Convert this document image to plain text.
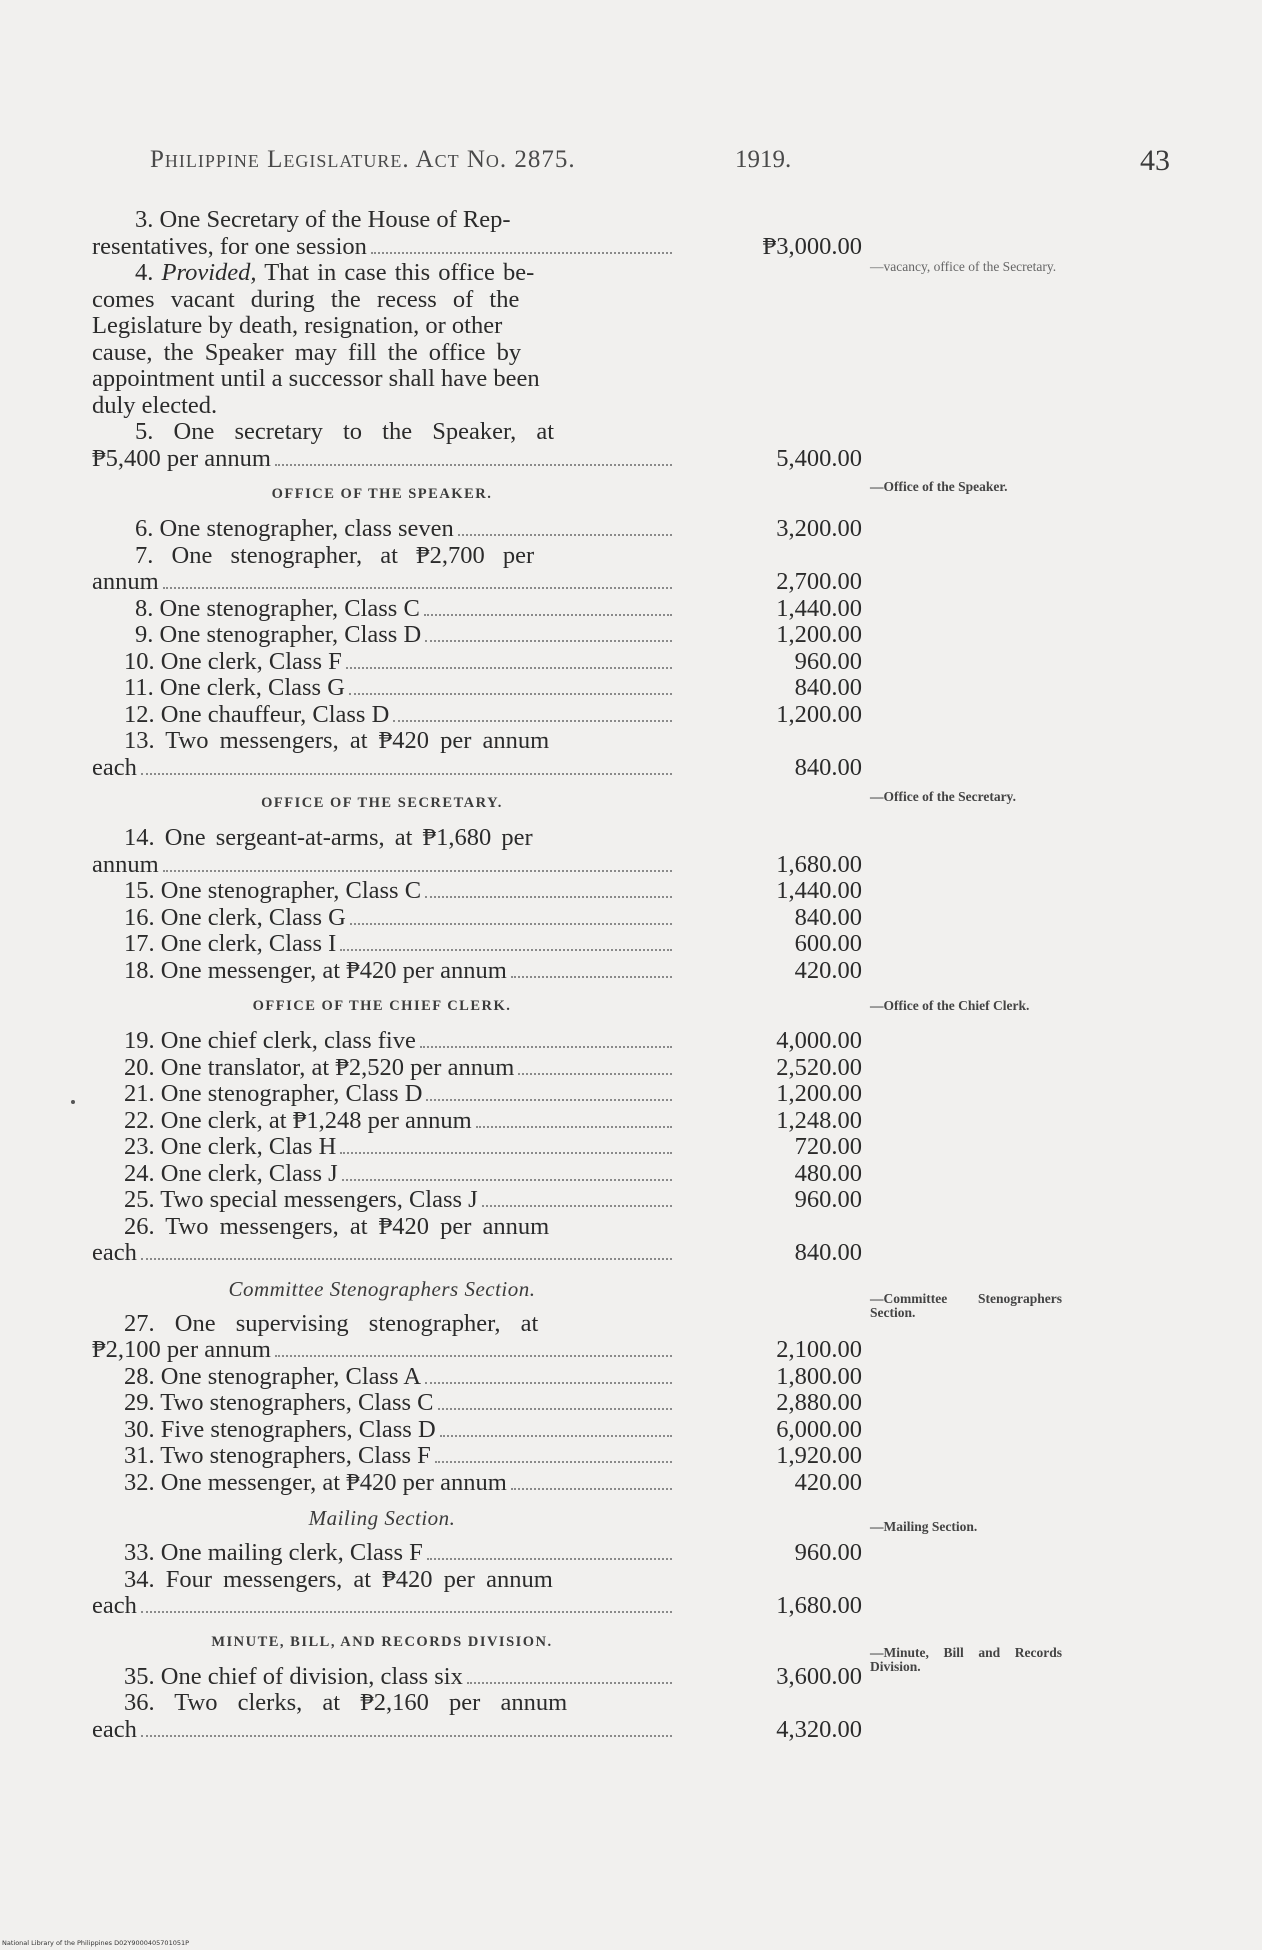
Philippine Legislature. Act No. 2875.	1919.	43
3. One Secretary of the House of Rep-
resentatives, for one session	₱3,000.00
4. Provided, That in case this office be-
comes vacant during the recess of the
Legislature by death, resignation, or other
cause, the Speaker may fill the office by
appointment until a successor shall have been
duly elected.
5. One secretary to the Speaker, at
₱5,400 per annum	5,400.00
OFFICE OF THE SPEAKER.
6. One stenographer, class seven	3,200.00
7. One stenographer, at ₱2,700 per
annum	2,700.00
8. One stenographer, Class C	1,440.00
9. One stenographer, Class D	1,200.00
10. One clerk, Class F	960.00
11. One clerk, Class G	840.00
12. One chauffeur, Class D	1,200.00
13. Two messengers, at ₱420 per annum
each	840.00
OFFICE OF THE SECRETARY.
14. One sergeant-at-arms, at ₱1,680 per
annum	1,680.00
15. One stenographer, Class C	1,440.00
16. One clerk, Class G	840.00
17. One clerk, Class I	600.00
18. One messenger, at ₱420 per annum	420.00
OFFICE OF THE CHIEF CLERK.
19. One chief clerk, class five	4,000.00
20. One translator, at ₱2,520 per annum	2,520.00
21. One stenographer, Class D	1,200.00
22. One clerk, at ₱1,248 per annum	1,248.00
23. One clerk, Clas H	720.00
24. One clerk, Class J	480.00
25. Two special messengers, Class J	960.00
26. Two messengers, at ₱420 per annum
each	840.00
Committee Stenographers Section.
27. One supervising stenographer, at
₱2,100 per annum	2,100.00
28. One stenographer, Class A	1,800.00
29. Two stenographers, Class C	2,880.00
30. Five stenographers, Class D	6,000.00
31. Two stenographers, Class F	1,920.00
32. One messenger, at ₱420 per annum	420.00
Mailing Section.
33. One mailing clerk, Class F	960.00
34. Four messengers, at ₱420 per annum
each	1,680.00
MINUTE, BILL, AND RECORDS DIVISION.
35. One chief of division, class six	3,600.00
36. Two clerks, at ₱2,160 per annum
each	4,320.00
—vacancy, office of the Secretary.
—Office of the Speaker.
—Office of the Secretary.
—Office of the Chief Clerk.
—Committee Stenographers Section.
—Mailing Section.
—Minute, Bill and Records Division.
National Library of the Philippines D02Y9000405701051P
